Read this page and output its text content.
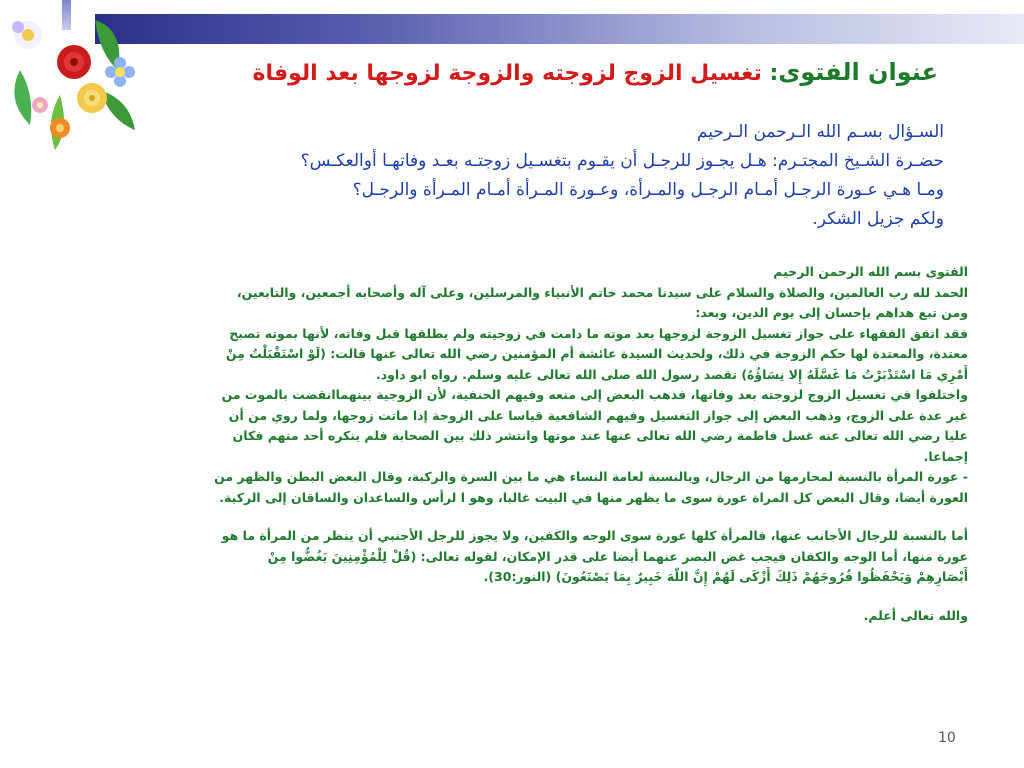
عنوان الفتوى: تغسيل الزوج لزوجته والزوجة لزوجها بعد الوفاة
السـؤال بسـم الله الـرحمن الـرحيم
حضـرة الشـيخ المجتـرم: هـل يجـوز للرجـل أن يقـوم بتغسـيل زوجتـه بعـد وفاتهـا أوالعكـس؟
ومـا هـي عـورة الرجـل أمـام الرجـل والمـرأة، وعـورة المـرأة أمـام المـرأة والرجـل؟
ولكم جزيل الشكر.

الفتوى بسم الله الرحمن الرحيم

الحمد لله رب العالمين، والصلاة والسلام على سيدنا محمد خاتم الأنبياء والمرسلين، وعلى آله وأصحابه أجمعين، والتابعين،

ومن تبع هداهم بإحسان إلى يوم الدين، وبعد:

فقد اتفق الفقهاء على جواز تغسيل الزوجة لزوجها بعد موته ما دامت في زوجيته ولم يطلقها قبل وفاته، لأنها بموته تصبح

معتدة، والمعتدة لها حكم الزوجة في ذلك، ولحديث السيدة عائشة أم المؤمنين رضي الله تعالى عنها قالت: (لَوْ اسْتَقْبَلْتُ مِنْ

أَمْرِي مَا اسْتَدْبَرْتُ مَا غَسَّلَهُ إِلا نِسَاؤُهُ) تقصد رسول الله صلى الله تعالى عليه وسلم. رواه ابو داود.

واختلفوا في تغسيل الزوج لزوجته بعد وفاتها، فذهب البعض إلى منعه وفيهم الحنفية، لأن الزوجية بينهماانقضت بالموت من

غير عدة على الزوج، وذهب البعض إلى جواز التغسيل وفيهم الشافعية قياسا على الزوجة إذا ماتت زوجها، ولما روي من أن

عليا رضي الله تعالى عنه غسل فاطمة رضي الله تعالى عنها عند موتها وانتشر ذلك بين الصحابة فلم ينكره أحد منهم فكان

إجماعا.

- عورة المرأة بالنسبة لمحارمها من الرجال، وبالنسبة لعامة النساء هي ما بين السرة والركبة، وقال البعض البطن والظهر من

العورة أيضا، وقال البعض كل المراة عورة سوى ما يظهر منها في البيت غالبا، وهو ا لرأس والساعدان والساقان إلى الركبة.

أما بالنسبة للرجال الأجانب عنها، فالمرأة كلها عورة سوى الوجه والكفين، ولا يجوز للرجل الأجنبي أن ينظر من المرأة ما هو

عورة منها، أما الوجه والكفان فيجب غض البصر عنهما أيضا على قدر الإمكان، لقوله تعالى: (قُلْ لِلْمُؤْمِنِينَ يَغُضُّوا مِنْ

أَبْصَارِهِمْ وَيَحْفَظُوا فُرُوجَهُمْ ذَلِكَ أَزْكَى لَهُمْ إِنَّ اللَّهَ خَبِيرٌ بِمَا يَصْنَعُونَ) (النور:30).

والله تعالى أعلم.

10
